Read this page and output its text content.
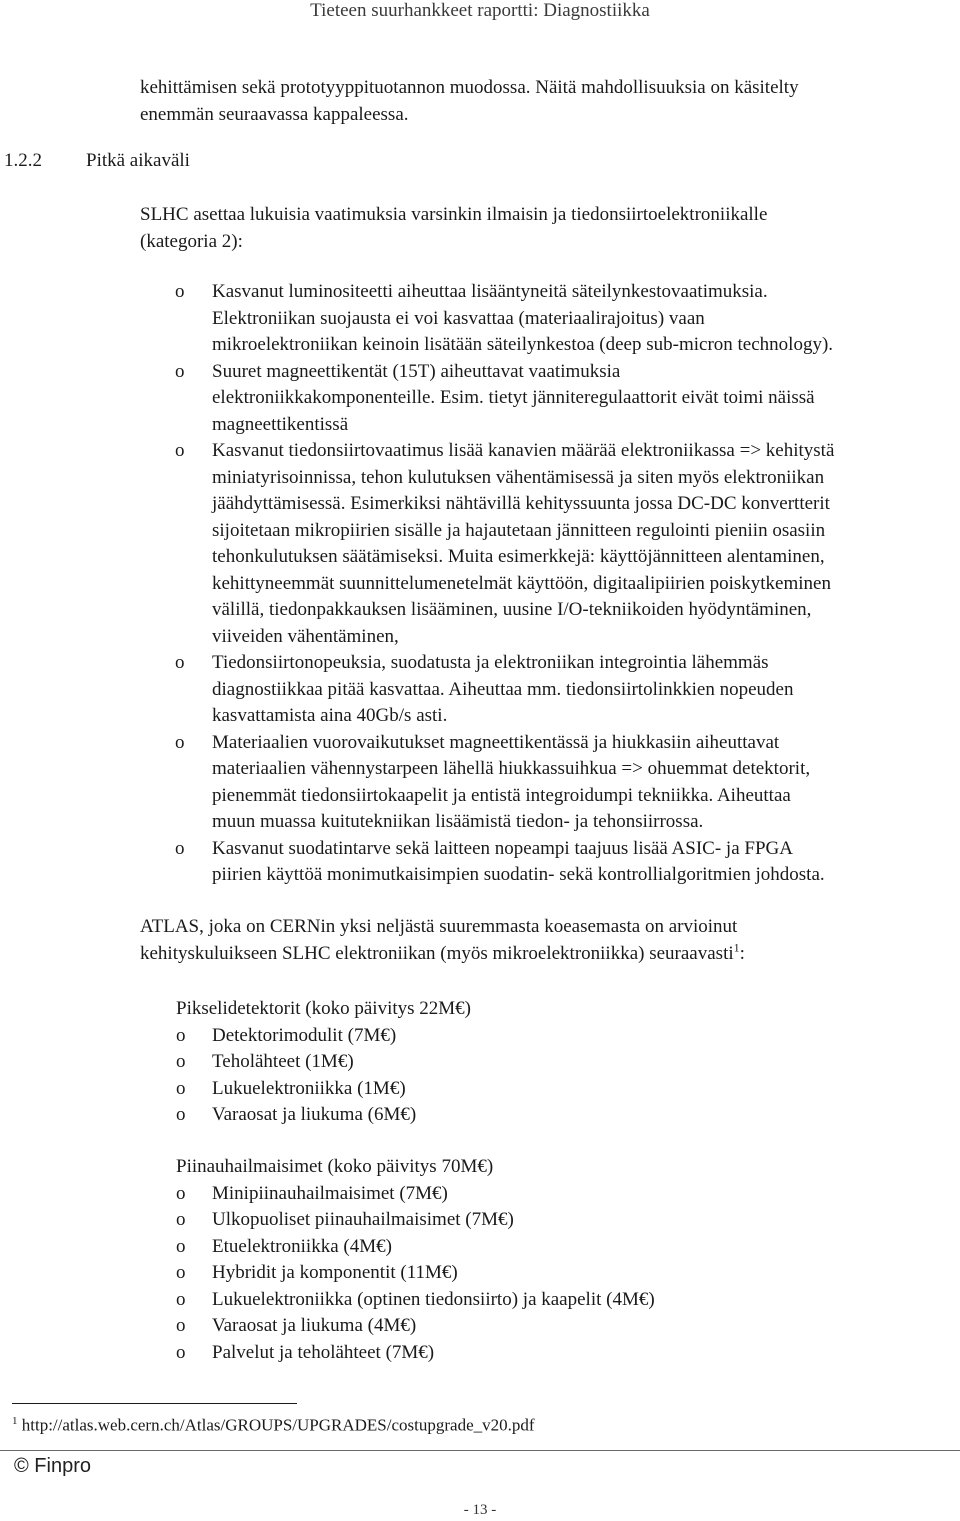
Tieteen suurhankkeet raportti: Diagnostiikka
kehittämisen sekä prototyyppituotannon muodossa. Näitä mahdollisuuksia on käsitelty
enemmän seuraavassa kappaleessa.
1.2.2 Pitkä aikaväli
SLHC asettaa lukuisia vaatimuksia varsinkin ilmaisin ja tiedonsiirtoelektroniikalle
(kategoria 2):
o Kasvanut luminositeetti aiheuttaa lisääntyneitä säteilynkestovaatimuksia.
Elektroniikan suojausta ei voi kasvattaa (materiaalirajoitus) vaan
mikroelektroniikan keinoin lisätään säteilynkestoa (deep sub-micron technology).
o Suuret magneettikentät (15T) aiheuttavat vaatimuksia
elektroniikkakomponenteille. Esim. tietyt jänniteregulaattorit eivät toimi näissä
magneettikentissä
o Kasvanut tiedonsiirtovaatimus lisää kanavien määrää elektroniikassa => kehitystä
miniatyrisoinnissa, tehon kulutuksen vähentämisessä ja siten myös elektroniikan
jäähdyttämisessä. Esimerkiksi nähtävillä kehityssuunta jossa DC-DC konvertterit
sijoitetaan mikropiirien sisälle ja hajautetaan jännitteen regulointi pieniin osasiin
tehonkulutuksen säätämiseksi. Muita esimerkkejä: käyttöjännitteen alentaminen,
kehittyneemmät suunnittelumenetelmät käyttöön, digitaalipiirien poiskytkeminen
välillä, tiedonpakkauksen lisääminen, uusine I/O-tekniikoiden hyödyntäminen,
viiveiden vähentäminen,
o Tiedonsiirtonopeuksia, suodatusta ja elektroniikan integrointia lähemmäs
diagnostiikkaa pitää kasvattaa. Aiheuttaa mm. tiedonsiirtolinkkien nopeuden
kasvattamista aina 40Gb/s asti.
o Materiaalien vuorovaikutukset magneettikentässä ja hiukkasiin aiheuttavat
materiaalien vähennystarpeen lähellä hiukkassuihkua => ohuemmat detektorit,
pienemmät tiedonsiirtokaapelit ja entistä integroidumpi tekniikka. Aiheuttaa
muun muassa kuitutekniikan lisäämistä tiedon- ja tehonsiirrossa.
o Kasvanut suodatintarve sekä laitteen nopeampi taajuus lisää ASIC- ja FPGA
piirien käyttöä monimutkaisimpien suodatin- sekä kontrollialgoritmien johdosta.
ATLAS, joka on CERNin yksi neljästä suuremmasta koeasemasta on arvioinut
kehityskuluikseen SLHC elektroniikan (myös mikroelektroniikka) seuraavasti$^1$:
Pikselidetektorit (koko päivitys 22M€)
o Detektorimodulit (7M€)
o Teholähteet (1M€)
o Lukuelektroniikka (1M€)
o Varaosat ja liukuma (6M€)
Piinauhailmaisimet (koko päivitys 70M€)
o Minipiinauhailmaisimet (7M€)
o Ulkopuoliset piinauhailmaisimet (7M€)
o Etuelektroniikka (4M€)
o Hybridit ja komponentit (11M€)
o Lukuelektroniikka (optinen tiedonsiirto) ja kaapelit (4M€)
o Varaosat ja liukuma (4M€)
o Palvelut ja teholähteet (7M€)
$^1$ http://atlas.web.cern.ch/Atlas/GROUPS/UPGRADES/costupgrade_v20.pdf
© Finpro
- 13 -
